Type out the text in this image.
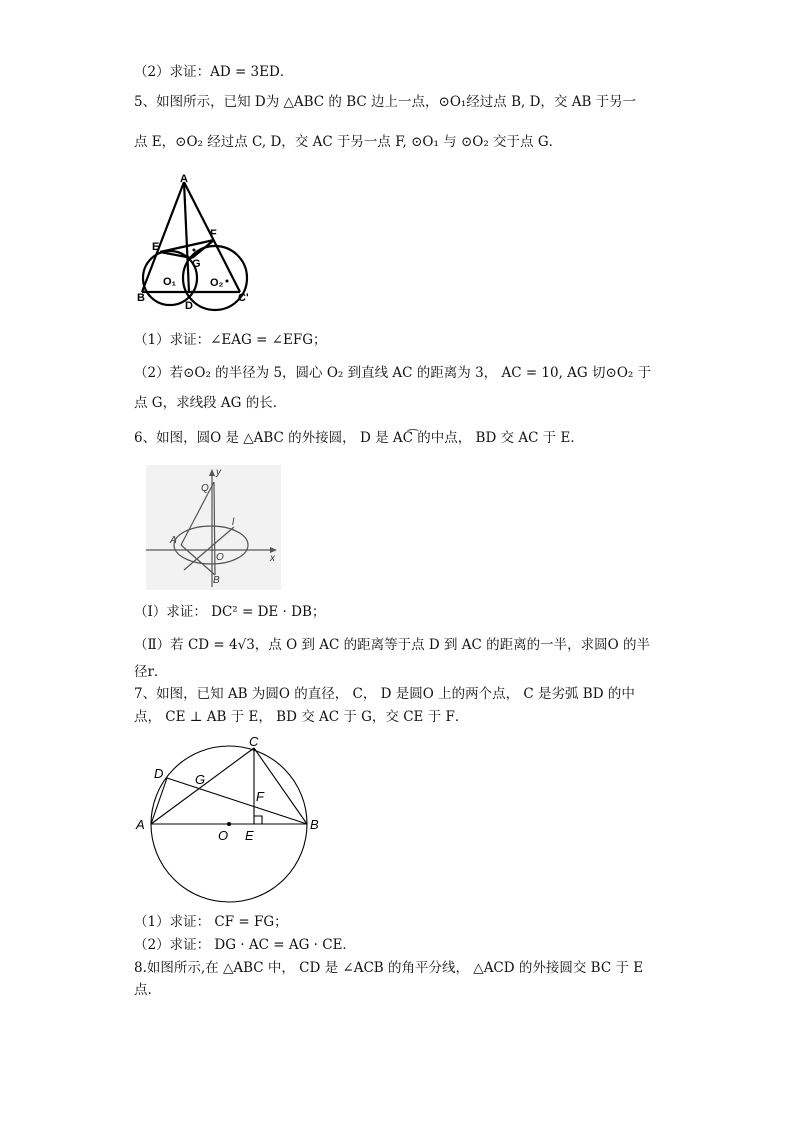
（2）求证：AD = 3ED．
5、如图所示，已知 D为 △ABC 的 BC 边上一点，⊙O₁经过点 B, D，交 AB 于另一
点 E，⊙O₂ 经过点 C, D，交 AC 于另一点 F, ⊙O₁ 与 ⊙O₂ 交于点 G．
A
E
F
G
O₁	O₂
B
D
C'
（1）求证：∠EAG = ∠EFG；
（2）若⊙O₂ 的半径为 5，圆心 O₂ 到直线 AC 的距离为 3， AC = 10, AG 切⊙O₂ 于
点 G，求线段 AG 的长．
6、如图，圆O 是 △ABC 的外接圆， D 是 AC͡ 的中点， BD 交 AC 于 E．
y
Q
l
A
O	x
B
（Ⅰ）求证： DC² = DE · DB；
（Ⅱ）若 CD = 4√3，点 O 到 AC 的距离等于点 D 到 AC 的距离的一半，求圆O 的半
径r．
7、如图，已知 AB 为圆O 的直径， C， D 是圆O 上的两个点， C 是劣弧 BD 的中
点， CE ⊥ AB 于 E， BD 交 AC 于 G，交 CE 于 F．
C
D G
F
A
O E
B
（1）求证： CF = FG；
（2）求证： DG · AC = AG · CE．
8.如图所示,在 △ABC 中， CD 是 ∠ACB 的角平分线， △ACD 的外接圆交 BC 于 E
点.
